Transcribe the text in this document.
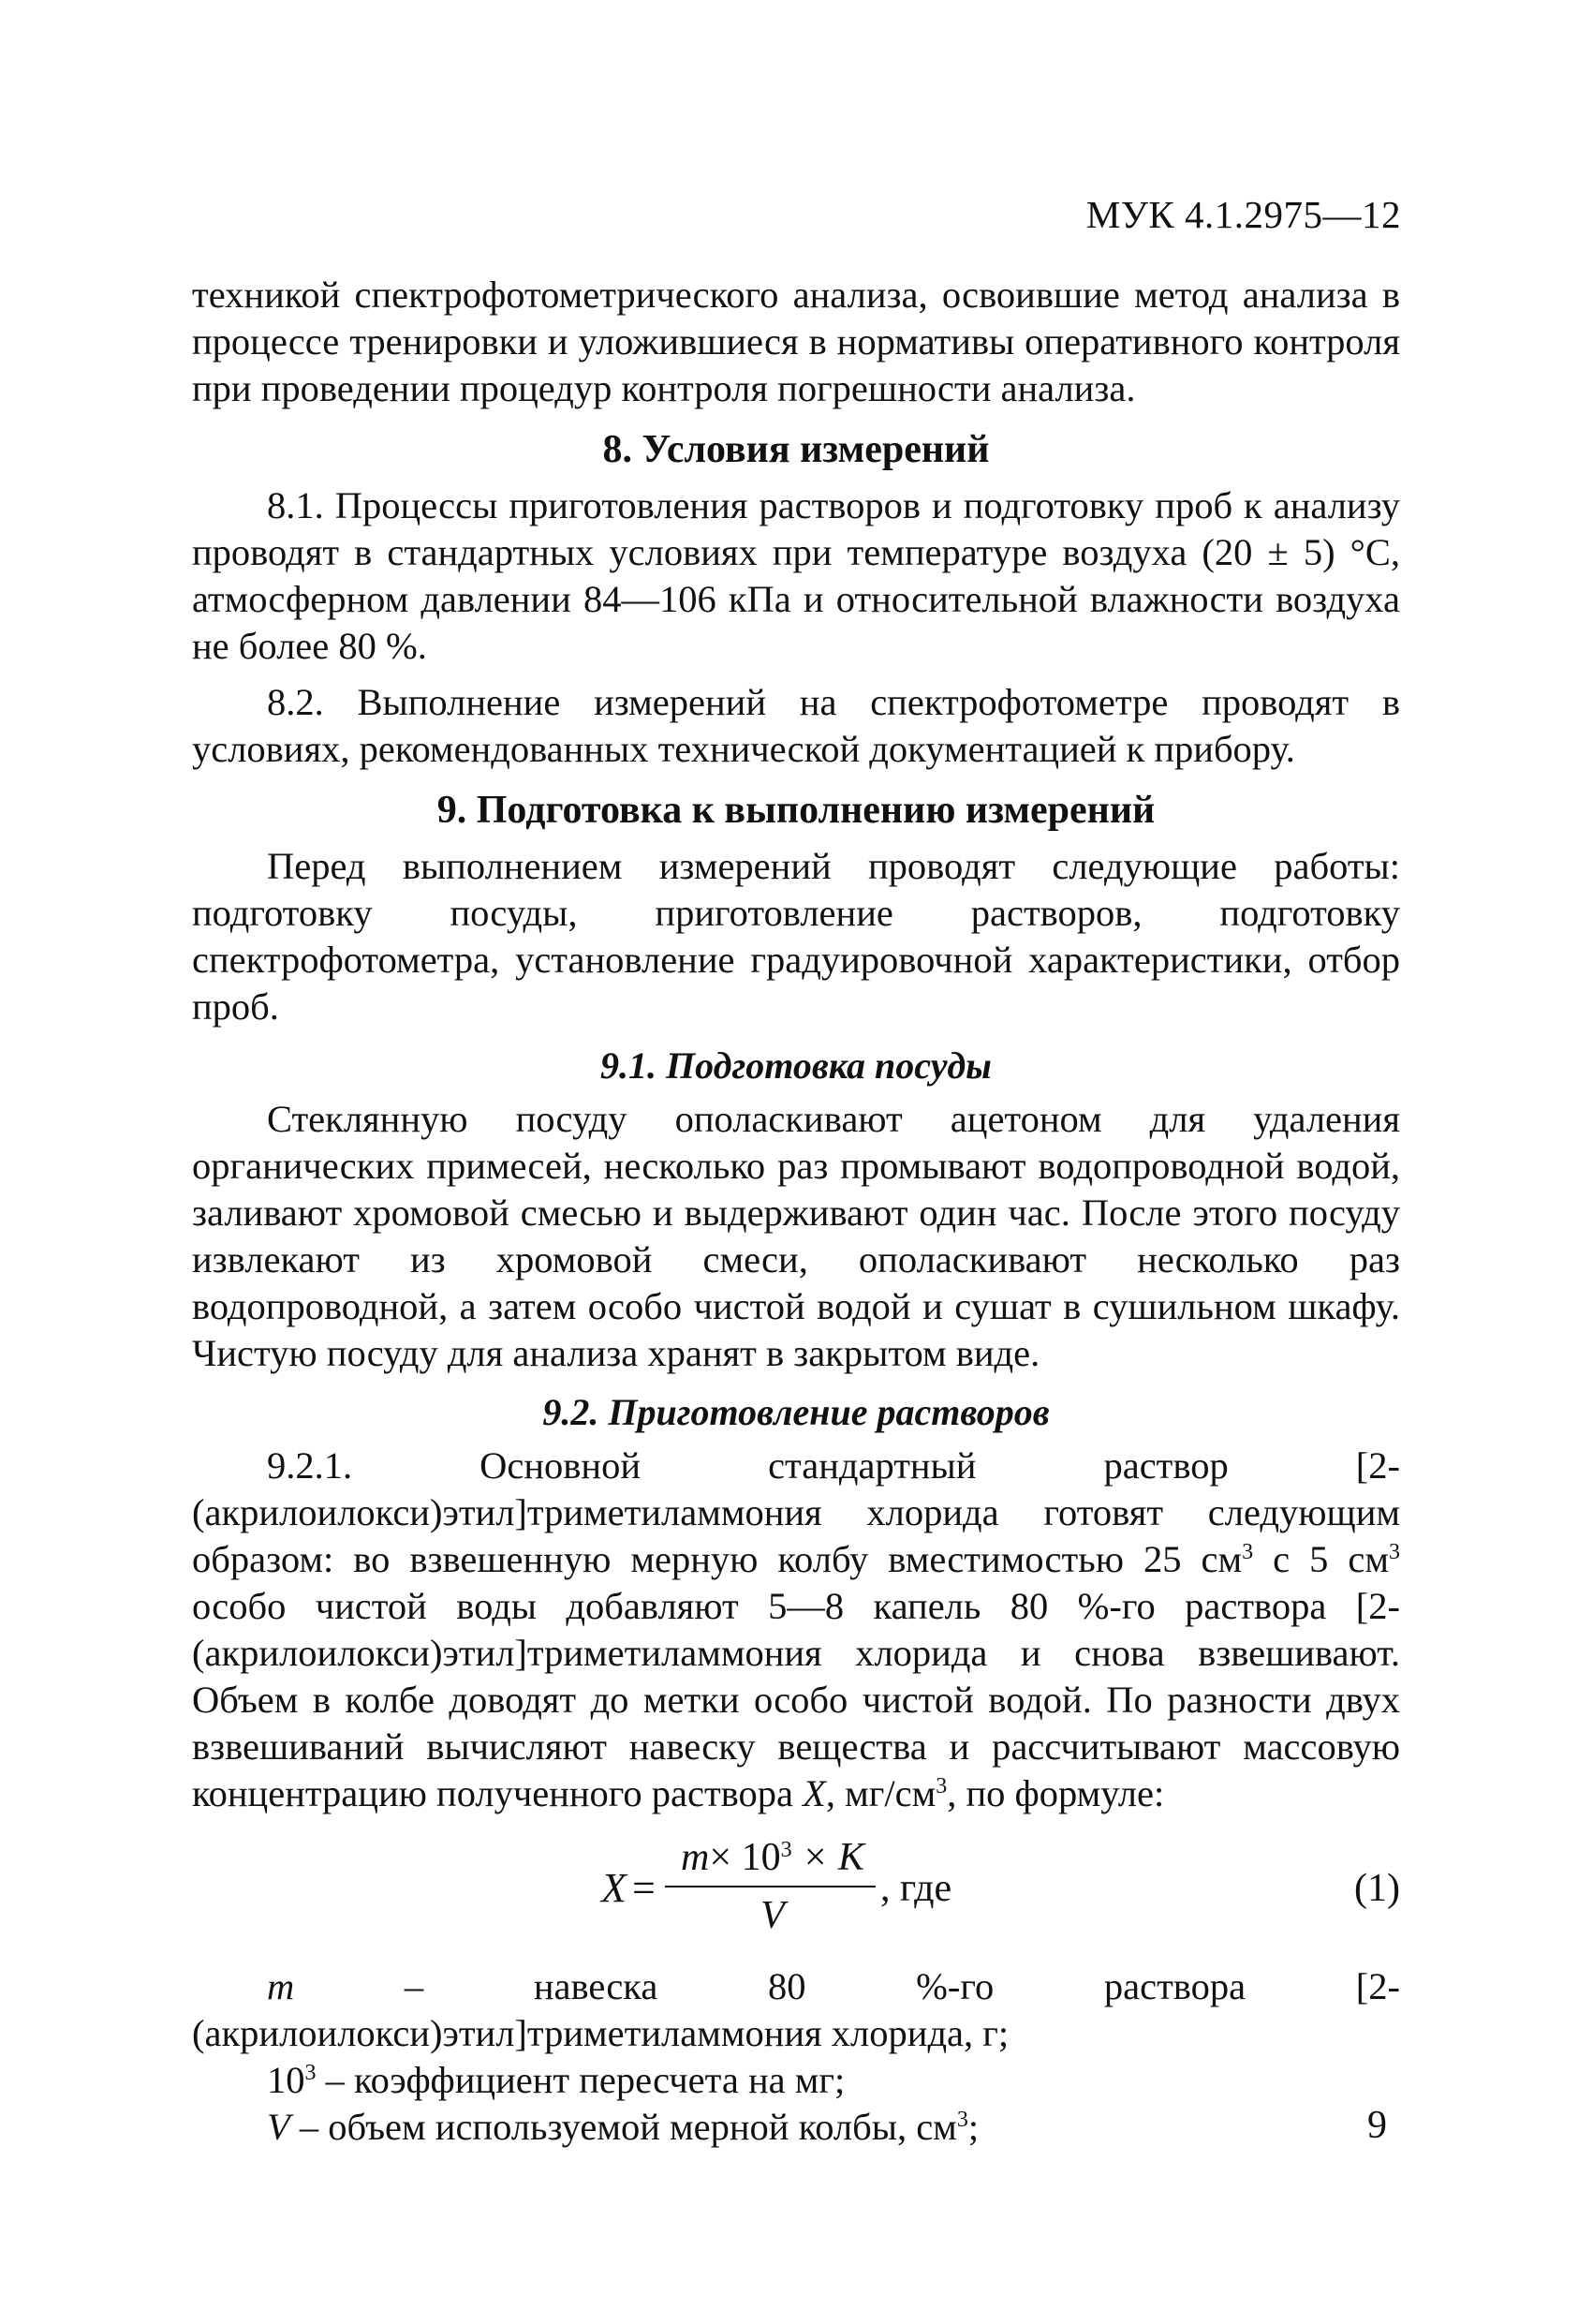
МУК 4.1.2975—12

техникой спектрофотометрического анализа, освоившие метод анализа в процессе тренировки и уложившиеся в нормативы оперативного контроля при проведении процедур контроля погрешности анализа.

8. Условия измерений

8.1. Процессы приготовления растворов и подготовку проб к анализу проводят в стандартных условиях при температуре воздуха (20 ± 5) °С, атмосферном давлении 84—106 кПа и относительной влажности воздуха не более 80 %.

8.2. Выполнение измерений на спектрофотометре проводят в условиях, рекомендованных технической документацией к прибору.

9. Подготовка к выполнению измерений

Перед выполнением измерений проводят следующие работы: подготовку посуды, приготовление растворов, подготовку спектрофотометра, установление градуировочной характеристики, отбор проб.

9.1. Подготовка посуды

Стеклянную посуду ополаскивают ацетоном для удаления органических примесей, несколько раз промывают водопроводной водой, заливают хромовой смесью и выдерживают один час. После этого посуду извлекают из хромовой смеси, ополаскивают несколько раз водопроводной, а затем особо чистой водой и сушат в сушильном шкафу. Чистую посуду для анализа хранят в закрытом виде.

9.2. Приготовление растворов

9.2.1. Основной стандартный раствор [2-(акрилоилокси)этил]триметиламмония хлорида готовят следующим образом: во взвешенную мерную колбу вместимостью 25 $см^3$ с 5 $см^3$ особо чистой воды добавляют 5—8 капель 80 %-го раствора [2-(акрилоилокси)этил]триметиламмония хлорида и снова взвешивают. Объем в колбе доводят до метки особо чистой водой. По разности двух взвешиваний вычисляют навеску вещества и рассчитывают массовую концентрацию полученного раствора X, $мг/см^3$, по формуле:

X =
$m\times 10^3 \times K$
V
, где	(1)

m – навеска 80 %-го раствора [2-(акрилоилокси)этил]триметиламмония хлорида, г;

$10^3$ – коэффициент пересчета на мг;

V – объем используемой мерной колбы, $см^3$;	9
